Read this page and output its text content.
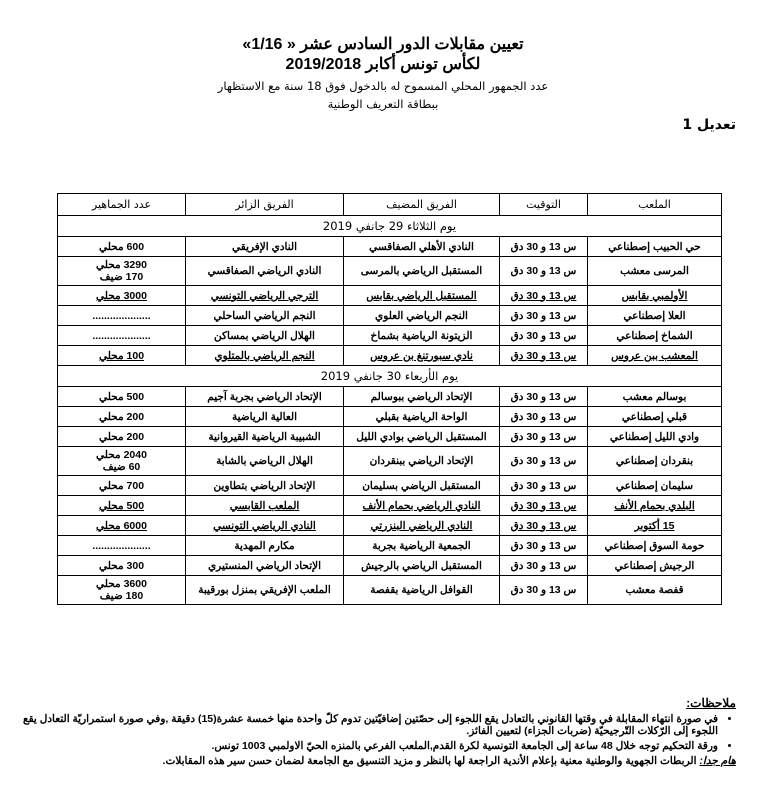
تعيين مقابلات الدور السادس عشر « 1/16»
لكأس تونس أكابر 2019/2018
عدد الجمهور المحلي المسموح له بالدخول فوق 18 سنة مع الاستظهار
ببطاقة التعريف الوطنية
تعديل 1
الملعب	التوقيت	الفريق المضيف	الفريق الزائر	عدد الجماهير
يوم الثلاثاء 29 جانفي 2019				
حي الحبيب إصطناعي	س 13 و 30 دق	النادي الأهلي الصفاقسي	النادي الإفريقي	600 محلي

المرسى معشب	س 13 و 30 دق	المستقبل الرياضي بالمرسى	النادي الرياضي الصفاقسي	3290 محلي
170 ضيف

الأولمبي بقابس	س 13 و 30 دق	المستقبل الرياضي بقابس	الترجي الرياضي التونسي	3000 محلي

العلا إصطناعي	س 13 و 30 دق	النجم الرياضي العلوي	النجم الرياضي الساحلي	....................

الشماخ إصطناعي	س 13 و 30 دق	الزيتونة الرياضية بشماخ	الهلال الرياضي بمساكن	....................

المعشب ببن عروس	س 13 و 30 دق	نادي سبورتنغ بن عروس	النجم الرياضي بالمتلوي	100 محلي

يوم الأربعاء 30 جانفي 2019				
بوسالم معشب	س 13 و 30 دق	الإتحاد الرياضي ببوسالم	الإتحاد الرياضي بجربة آجيم	500 محلي

قبلي إصطناعي	س 13 و 30 دق	الواحة الرياضية بقبلي	العالية الرياضية	200 محلي

وادي الليل إصطناعي	س 13 و 30 دق	المستقبل الرياضي بوادي الليل	الشبيبة الرياضية القيروانية	200 محلي

بنقردان إصطناعي	س 13 و 30 دق	الإتحاد الرياضي ببنقردان	الهلال الرياضي بالشابة	2040 محلي
60 ضيف

سليمان إصطناعي	س 13 و 30 دق	المستقبل الرياضي بسليمان	الإتحاد الرياضي بتطاوين	700 محلي

البلدي بحمام الأنف	س 13 و 30 دق	النادي الرياضي بحمام الأنف	الملعب القابسي	500 محلي

15 أكتوبر	س 13 و 30 دق	النادي الرياضي البنزرتي	النادي الرياضي التونسي	6000 محلي

حومة السوق إصطناعي	س 13 و 30 دق	الجمعية الرياضية بجربة	مكارم المهدية	....................

الرجيش إصطناعي	س 13 و 30 دق	المستقبل الرياضي بالرجيش	الإتحاد الرياضي المنستيري	300 محلي

قفصة معشب	س 13 و 30 دق	القوافل الرياضية بقفصة	الملعب الإفريقي بمنزل بورقيبة	3600 محلي
180 ضيف
ملاحظات:
• في صورة انتهاء المقابلة في وقتها القانوني بالتعادل يقع اللجوء إلى حصّتين إضافيّتين تدوم كلّ واحدة منها خمسة عشرة(15) دقيقة ,وفي صورة استمراريّة التعادل يقع اللجوء إلى الرّكلات التّرجيحيّة (ضربات الجزاء) لتعيين الفائز.
• ورقة التحكيم توجه خلال 48 ساعة إلى الجامعة التونسية لكرة القدم,الملعب الفرعي بالمنزه الحيّ الاولمبي 1003 تونس.
هام جدا: الربطات الجهوية والوطنية معنية بإعلام الأندية الراجعة لها بالنظر و مزيد التنسيق مع الجامعة لضمان حسن سير هذه المقابلات.
